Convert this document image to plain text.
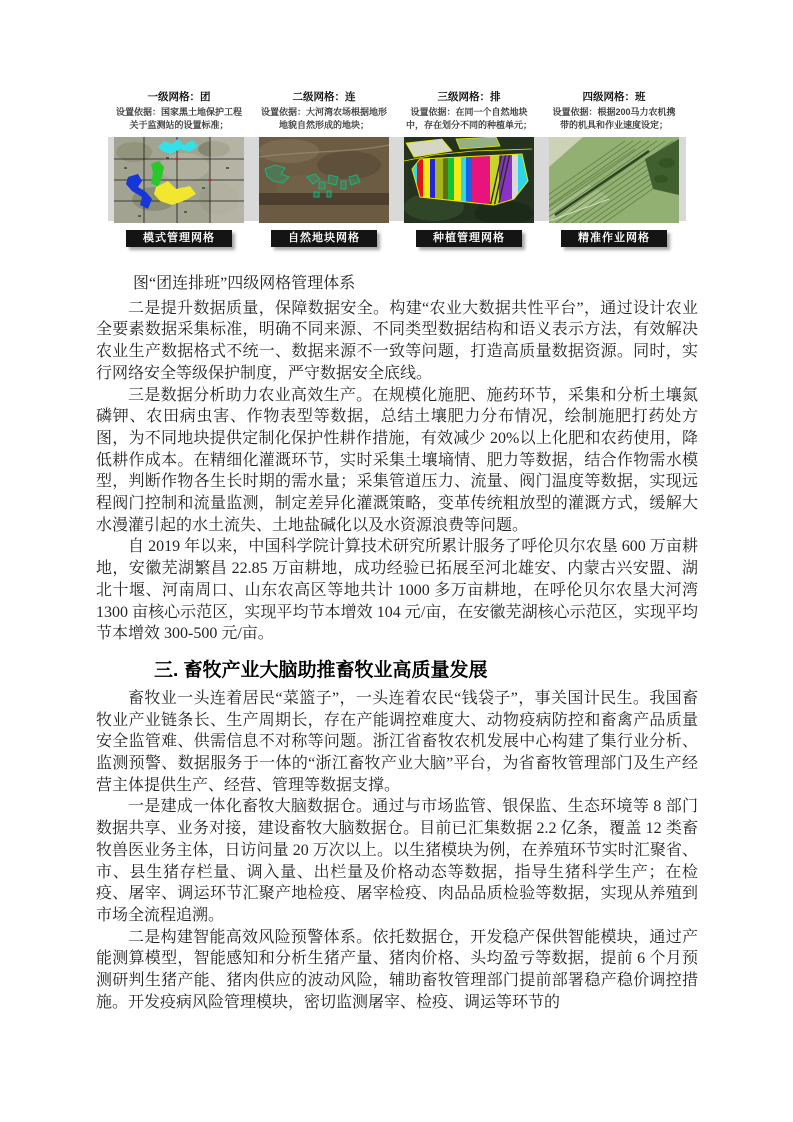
一级网格：团
设置依据：国家黑土地保护工程关于监测站的设置标准；
模式管理网格
二级网格：连
设置依据：大河湾农场根据地形地貌自然形成的地块；
自然地块网格
三级网格：排
设置依据：在同一个自然地块中，存在划分不同的种植单元；
种植管理网格
四级网格：班
设置依据：根据200马力农机携带的机具和作业速度设定；
精准作业网格

图“团连排班”四级网格管理体系

二是提升数据质量，保障数据安全。构建“农业大数据共性平台”，通过设计农业全要素数据采集标准，明确不同来源、不同类型数据结构和语义表示方法，有效解决农业生产数据格式不统一、数据来源不一致等问题，打造高质量数据资源。同时，实行网络安全等级保护制度，严守数据安全底线。

三是数据分析助力农业高效生产。在规模化施肥、施药环节，采集和分析土壤氮磷钾、农田病虫害、作物表型等数据，总结土壤肥力分布情况，绘制施肥打药处方图，为不同地块提供定制化保护性耕作措施，有效减少 20%以上化肥和农药使用，降低耕作成本。在精细化灌溉环节，实时采集土壤墒情、肥力等数据，结合作物需水模型，判断作物各生长时期的需水量；采集管道压力、流量、阀门温度等数据，实现远程阀门控制和流量监测，制定差异化灌溉策略，变革传统粗放型的灌溉方式，缓解大水漫灌引起的水土流失、土地盐碱化以及水资源浪费等问题。

自 2019 年以来，中国科学院计算技术研究所累计服务了呼伦贝尔农垦 600 万亩耕地，安徽芜湖繁昌 22.85 万亩耕地，成功经验已拓展至河北雄安、内蒙古兴安盟、湖北十堰、河南周口、山东农高区等地共计 1000 多万亩耕地，在呼伦贝尔农垦大河湾 1300 亩核心示范区，实现平均节本增效 104 元/亩，在安徽芜湖核心示范区，实现平均节本增效 300-500 元/亩。

三. 畜牧产业大脑助推畜牧业高质量发展

畜牧业一头连着居民“菜篮子”，一头连着农民“钱袋子”，事关国计民生。我国畜牧业产业链条长、生产周期长，存在产能调控难度大、动物疫病防控和畜禽产品质量安全监管难、供需信息不对称等问题。浙江省畜牧农机发展中心构建了集行业分析、监测预警、数据服务于一体的“浙江畜牧产业大脑”平台，为省畜牧管理部门及生产经营主体提供生产、经营、管理等数据支撑。

一是建成一体化畜牧大脑数据仓。通过与市场监管、银保监、生态环境等 8 部门数据共享、业务对接，建设畜牧大脑数据仓。目前已汇集数据 2.2 亿条，覆盖 12 类畜牧兽医业务主体，日访问量 20 万次以上。以生猪模块为例，在养殖环节实时汇聚省、市、县生猪存栏量、调入量、出栏量及价格动态等数据，指导生猪科学生产；在检疫、屠宰、调运环节汇聚产地检疫、屠宰检疫、肉品品质检验等数据，实现从养殖到市场全流程追溯。

二是构建智能高效风险预警体系。依托数据仓，开发稳产保供智能模块，通过产能测算模型，智能感知和分析生猪产量、猪肉价格、头均盈亏等数据，提前 6 个月预测研判生猪产能、猪肉供应的波动风险，辅助畜牧管理部门提前部署稳产稳价调控措施。开发疫病风险管理模块，密切监测屠宰、检疫、调运等环节的
